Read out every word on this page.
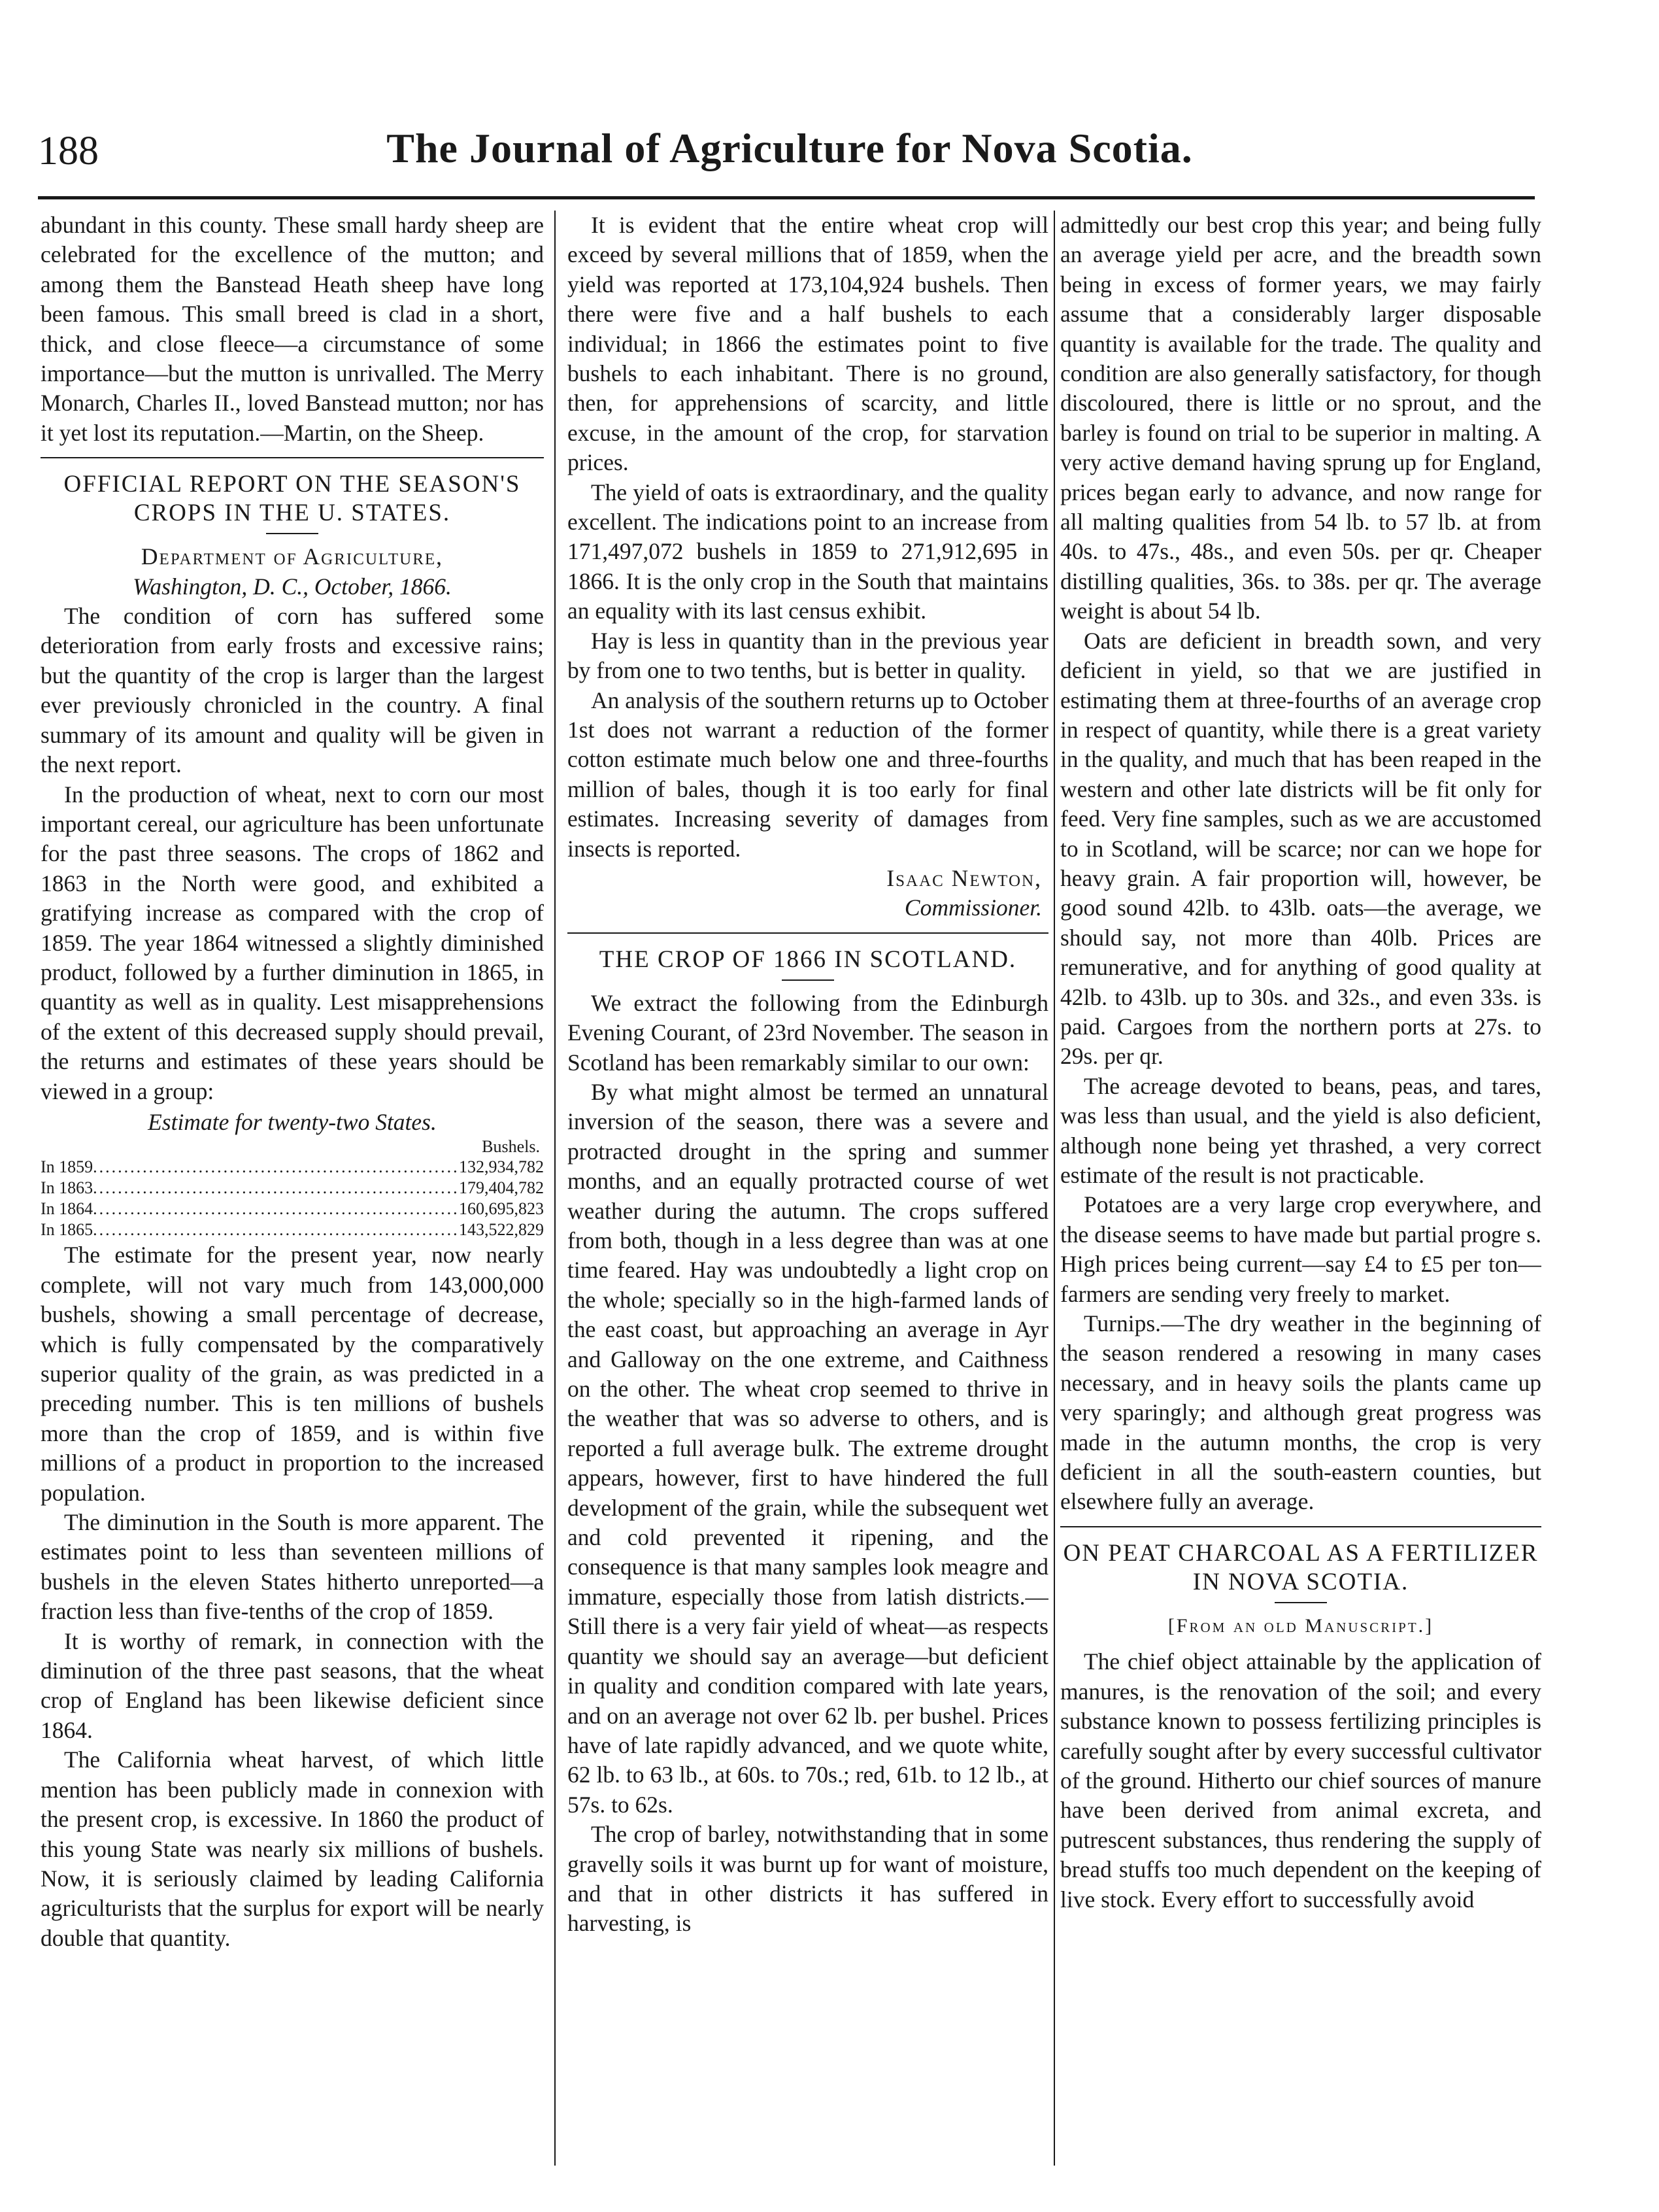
188	The Journal of Agriculture for Nova Scotia.

abundant in this county. These small hardy sheep are celebrated for the excellence of the mutton; and among them the Banstead Heath sheep have long been famous. This small breed is clad in a short, thick, and close fleece—a circumstance of some importance—but the mutton is unrivalled. The Merry Monarch, Charles II., loved Banstead mutton; nor has it yet lost its reputation.—Martin, on the Sheep.

OFFICIAL REPORT ON THE SEASON'S CROPS IN THE U. STATES.
Department of Agriculture,
Washington, D. C., October, 1866.

The condition of corn has suffered some deterioration from early frosts and excessive rains; but the quantity of the crop is larger than the largest ever previously chronicled in the country. A final summary of its amount and quality will be given in the next report.

In the production of wheat, next to corn our most important cereal, our agriculture has been unfortunate for the past three seasons. The crops of 1862 and 1863 in the North were good, and exhibited a gratifying increase as compared with the crop of 1859. The year 1864 witnessed a slightly diminished product, followed by a further diminution in 1865, in quantity as well as in quality. Lest misapprehensions of the extent of this decreased supply should prevail, the returns and estimates of these years should be viewed in a group:

Estimate for twenty-two States.
Bushels.
In 1859 .....	132,934,782
In 1863 .....	179,404,782
In 1864 .....	160,695,823
In 1865 .....	143,522,829

The estimate for the present year, now nearly complete, will not vary much from 143,000,000 bushels, showing a small percentage of decrease, which is fully compensated by the comparatively superior quality of the grain, as was predicted in a preceding number. This is ten millions of bushels more than the crop of 1859, and is within five millions of a product in proportion to the increased population.

The diminution in the South is more apparent. The estimates point to less than seventeen millions of bushels in the eleven States hitherto unreported—a fraction less than five-tenths of the crop of 1859.

It is worthy of remark, in connection with the diminution of the three past seasons, that the wheat crop of England has been likewise deficient since 1864.

The California wheat harvest, of which little mention has been publicly made in connexion with the present crop, is excessive. In 1860 the product of this young State was nearly six millions of bushels. Now, it is seriously claimed by leading California agriculturists that the surplus for export will be nearly double that quantity.

It is evident that the entire wheat crop will exceed by several millions that of 1859, when the yield was reported at 173,104,924 bushels. Then there were five and a half bushels to each individual; in 1866 the estimates point to five bushels to each inhabitant. There is no ground, then, for apprehensions of scarcity, and little excuse, in the amount of the crop, for starvation prices.

The yield of oats is extraordinary, and the quality excellent. The indications point to an increase from 171,497,072 bushels in 1859 to 271,912,695 in 1866. It is the only crop in the South that maintains an equality with its last census exhibit.

Hay is less in quantity than in the previous year by from one to two tenths, but is better in quality.

An analysis of the southern returns up to October 1st does not warrant a reduction of the former cotton estimate much below one and three-fourths million of bales, though it is too early for final estimates. Increasing severity of damages from insects is reported.

Isaac Newton,
Commissioner.
THE CROP OF 1866 IN SCOTLAND.

We extract the following from the Edinburgh Evening Courant, of 23rd November. The season in Scotland has been remarkably similar to our own:

By what might almost be termed an unnatural inversion of the season, there was a severe and protracted drought in the spring and summer months, and an equally protracted course of wet weather during the autumn. The crops suffered from both, though in a less degree than was at one time feared. Hay was undoubtedly a light crop on the whole; specially so in the high-farmed lands of the east coast, but approaching an average in Ayr and Galloway on the one extreme, and Caithness on the other. The wheat crop seemed to thrive in the weather that was so adverse to others, and is reported a full average bulk. The extreme drought appears, however, first to have hindered the full development of the grain, while the subsequent wet and cold prevented it ripening, and the consequence is that many samples look meagre and immature, especially those from latish districts.—Still there is a very fair yield of wheat—as respects quantity we should say an average—but deficient in quality and condition compared with late years, and on an average not over 62 lb. per bushel. Prices have of late rapidly advanced, and we quote white, 62 lb. to 63 lb., at 60s. to 70s.; red, 61b. to 12 lb., at 57s. to 62s.

The crop of barley, notwithstanding that in some gravelly soils it was burnt up for want of moisture, and that in other districts it has suffered in harvesting, is

admittedly our best crop this year; and being fully an average yield per acre, and the breadth sown being in excess of former years, we may fairly assume that a considerably larger disposable quantity is available for the trade. The quality and condition are also generally satisfactory, for though discoloured, there is little or no sprout, and the barley is found on trial to be superior in malting. A very active demand having sprung up for England, prices began early to advance, and now range for all malting qualities from 54 lb. to 57 lb. at from 40s. to 47s., 48s., and even 50s. per qr. Cheaper distilling qualities, 36s. to 38s. per qr. The average weight is about 54 lb.

Oats are deficient in breadth sown, and very deficient in yield, so that we are justified in estimating them at three-fourths of an average crop in respect of quantity, while there is a great variety in the quality, and much that has been reaped in the western and other late districts will be fit only for feed. Very fine samples, such as we are accustomed to in Scotland, will be scarce; nor can we hope for heavy grain. A fair proportion will, however, be good sound 42lb. to 43lb. oats—the average, we should say, not more than 40lb. Prices are remunerative, and for anything of good quality at 42lb. to 43lb. up to 30s. and 32s., and even 33s. is paid. Cargoes from the northern ports at 27s. to 29s. per qr.

The acreage devoted to beans, peas, and tares, was less than usual, and the yield is also deficient, although none being yet thrashed, a very correct estimate of the result is not practicable.

Potatoes are a very large crop everywhere, and the disease seems to have made but partial progre s. High prices being current—say £4 to £5 per ton—farmers are sending very freely to market.

Turnips.—The dry weather in the beginning of the season rendered a resowing in many cases necessary, and in heavy soils the plants came up very sparingly; and although great progress was made in the autumn months, the crop is very deficient in all the south-eastern counties, but elsewhere fully an average.

ON PEAT CHARCOAL AS A FERTILIZER IN NOVA SCOTIA.
[From an old Manuscript.]

The chief object attainable by the application of manures, is the renovation of the soil; and every substance known to possess fertilizing principles is carefully sought after by every successful cultivator of the ground. Hitherto our chief sources of manure have been derived from animal excreta, and putrescent substances, thus rendering the supply of bread stuffs too much dependent on the keeping of live stock. Every effort to successfully avoid
